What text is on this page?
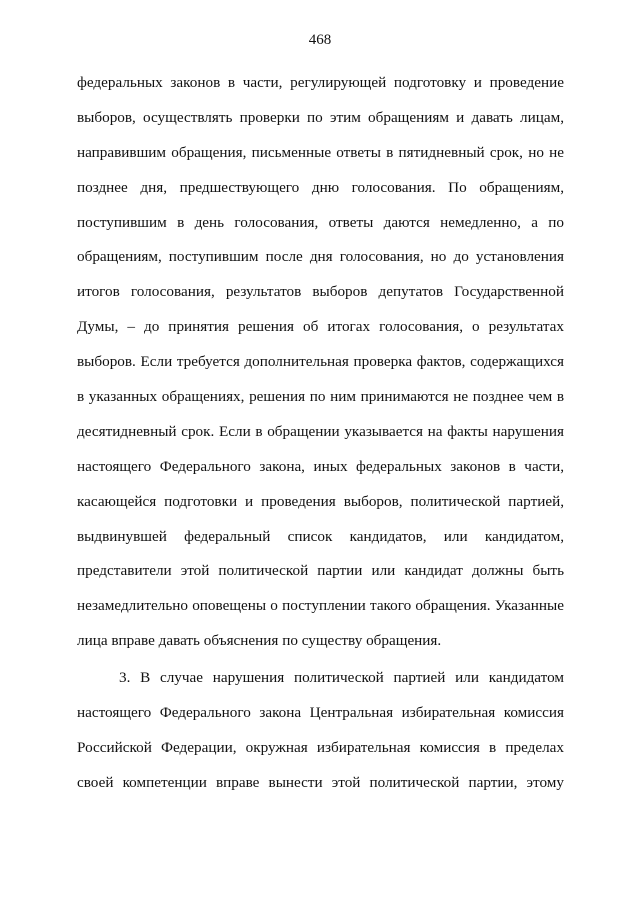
468
федеральных законов в части, регулирующей подготовку и проведение
выборов, осуществлять проверки по этим обращениям и давать лицам,
направившим обращения, письменные ответы в пятидневный срок, но не
позднее дня, предшествующего дню голосования. По обращениям,
поступившим в день голосования, ответы даются немедленно, а по
обращениям, поступившим после дня голосования, но до установления
итогов голосования, результатов выборов депутатов Государственной
Думы, – до принятия решения об итогах голосования, о результатах
выборов. Если требуется дополнительная проверка фактов, содержащихся
в указанных обращениях, решения по ним принимаются не позднее чем в
десятидневный срок. Если в обращении указывается на факты нарушения
настоящего Федерального закона, иных федеральных законов в части,
касающейся подготовки и проведения выборов, политической партией,
выдвинувшей федеральный список кандидатов, или кандидатом,
представители этой политической партии или кандидат должны быть
незамедлительно оповещены о поступлении такого обращения. Указанные
лица вправе давать объяснения по существу обращения.
3. В случае нарушения политической партией или кандидатом
настоящего Федерального закона Центральная избирательная комиссия
Российской Федерации, окружная избирательная комиссия в пределах
своей компетенции вправе вынести этой политической партии, этому
